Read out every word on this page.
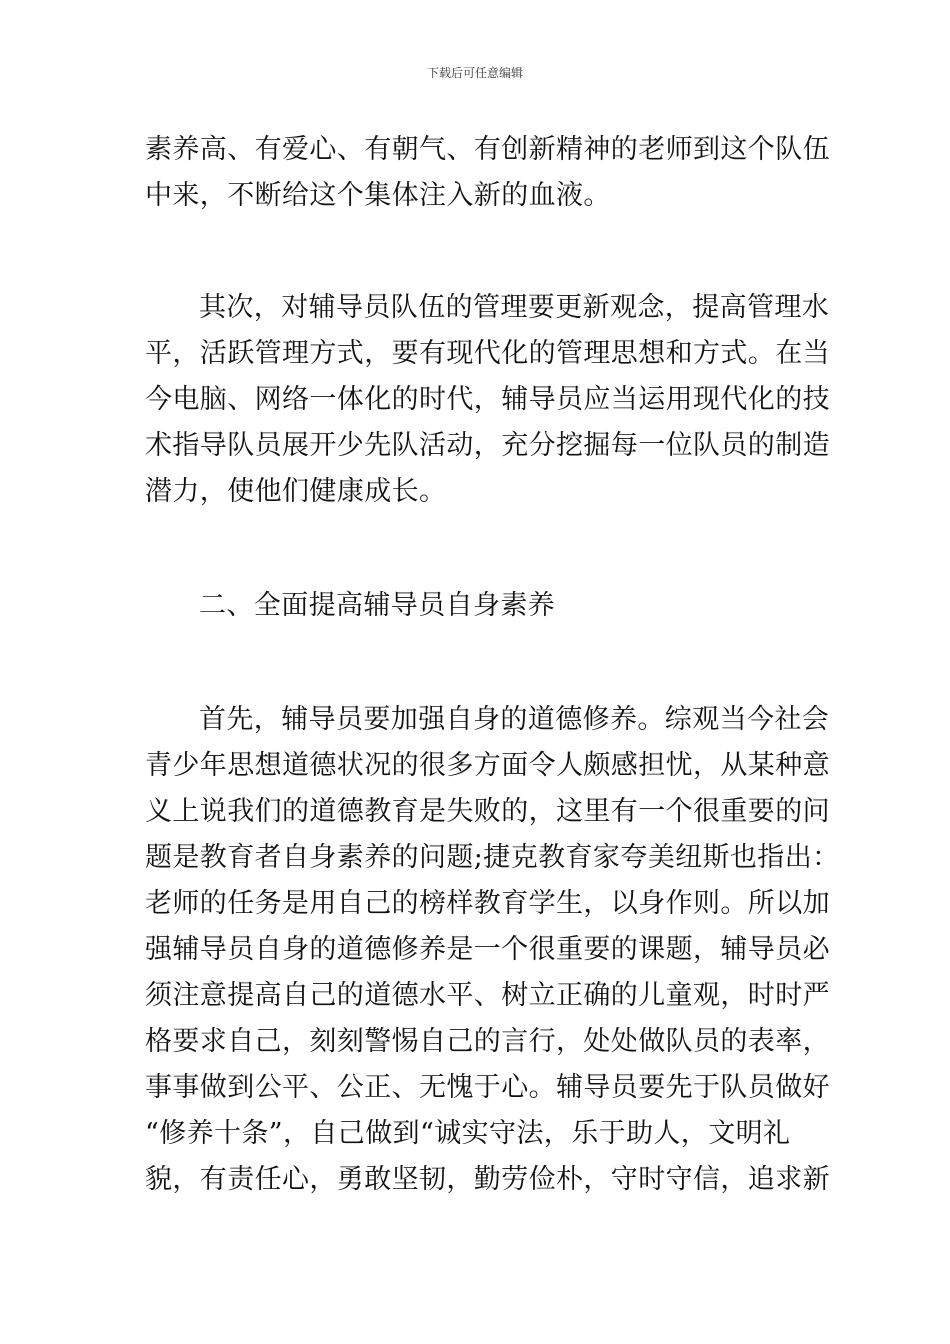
下载后可任意编辑
素养高、有爱心、有朝气、有创新精神的老师到这个队伍
中来，不断给这个集体注入新的血液。
其次，对辅导员队伍的管理要更新观念，提高管理水
平，活跃管理方式，要有现代化的管理思想和方式。在当
今电脑、网络一体化的时代，辅导员应当运用现代化的技
术指导队员展开少先队活动，充分挖掘每一位队员的制造
潜力，使他们健康成长。
二、全面提高辅导员自身素养
首先，辅导员要加强自身的道德修养。综观当今社会
青少年思想道德状况的很多方面令人颇感担忧，从某种意
义上说我们的道德教育是失败的，这里有一个很重要的问
题是教育者自身素养的问题;捷克教育家夸美纽斯也指出：
老师的任务是用自己的榜样教育学生，以身作则。所以加
强辅导员自身的道德修养是一个很重要的课题，辅导员必
须注意提高自己的道德水平、树立正确的儿童观，时时严
格要求自己，刻刻警惕自己的言行，处处做队员的表率，
事事做到公平、公正、无愧于心。辅导员要先于队员做好
“修养十条”，自己做到“诚实守法，乐于助人，文明礼
貌，有责任心，勇敢坚韧，勤劳俭朴，守时守信，追求新
